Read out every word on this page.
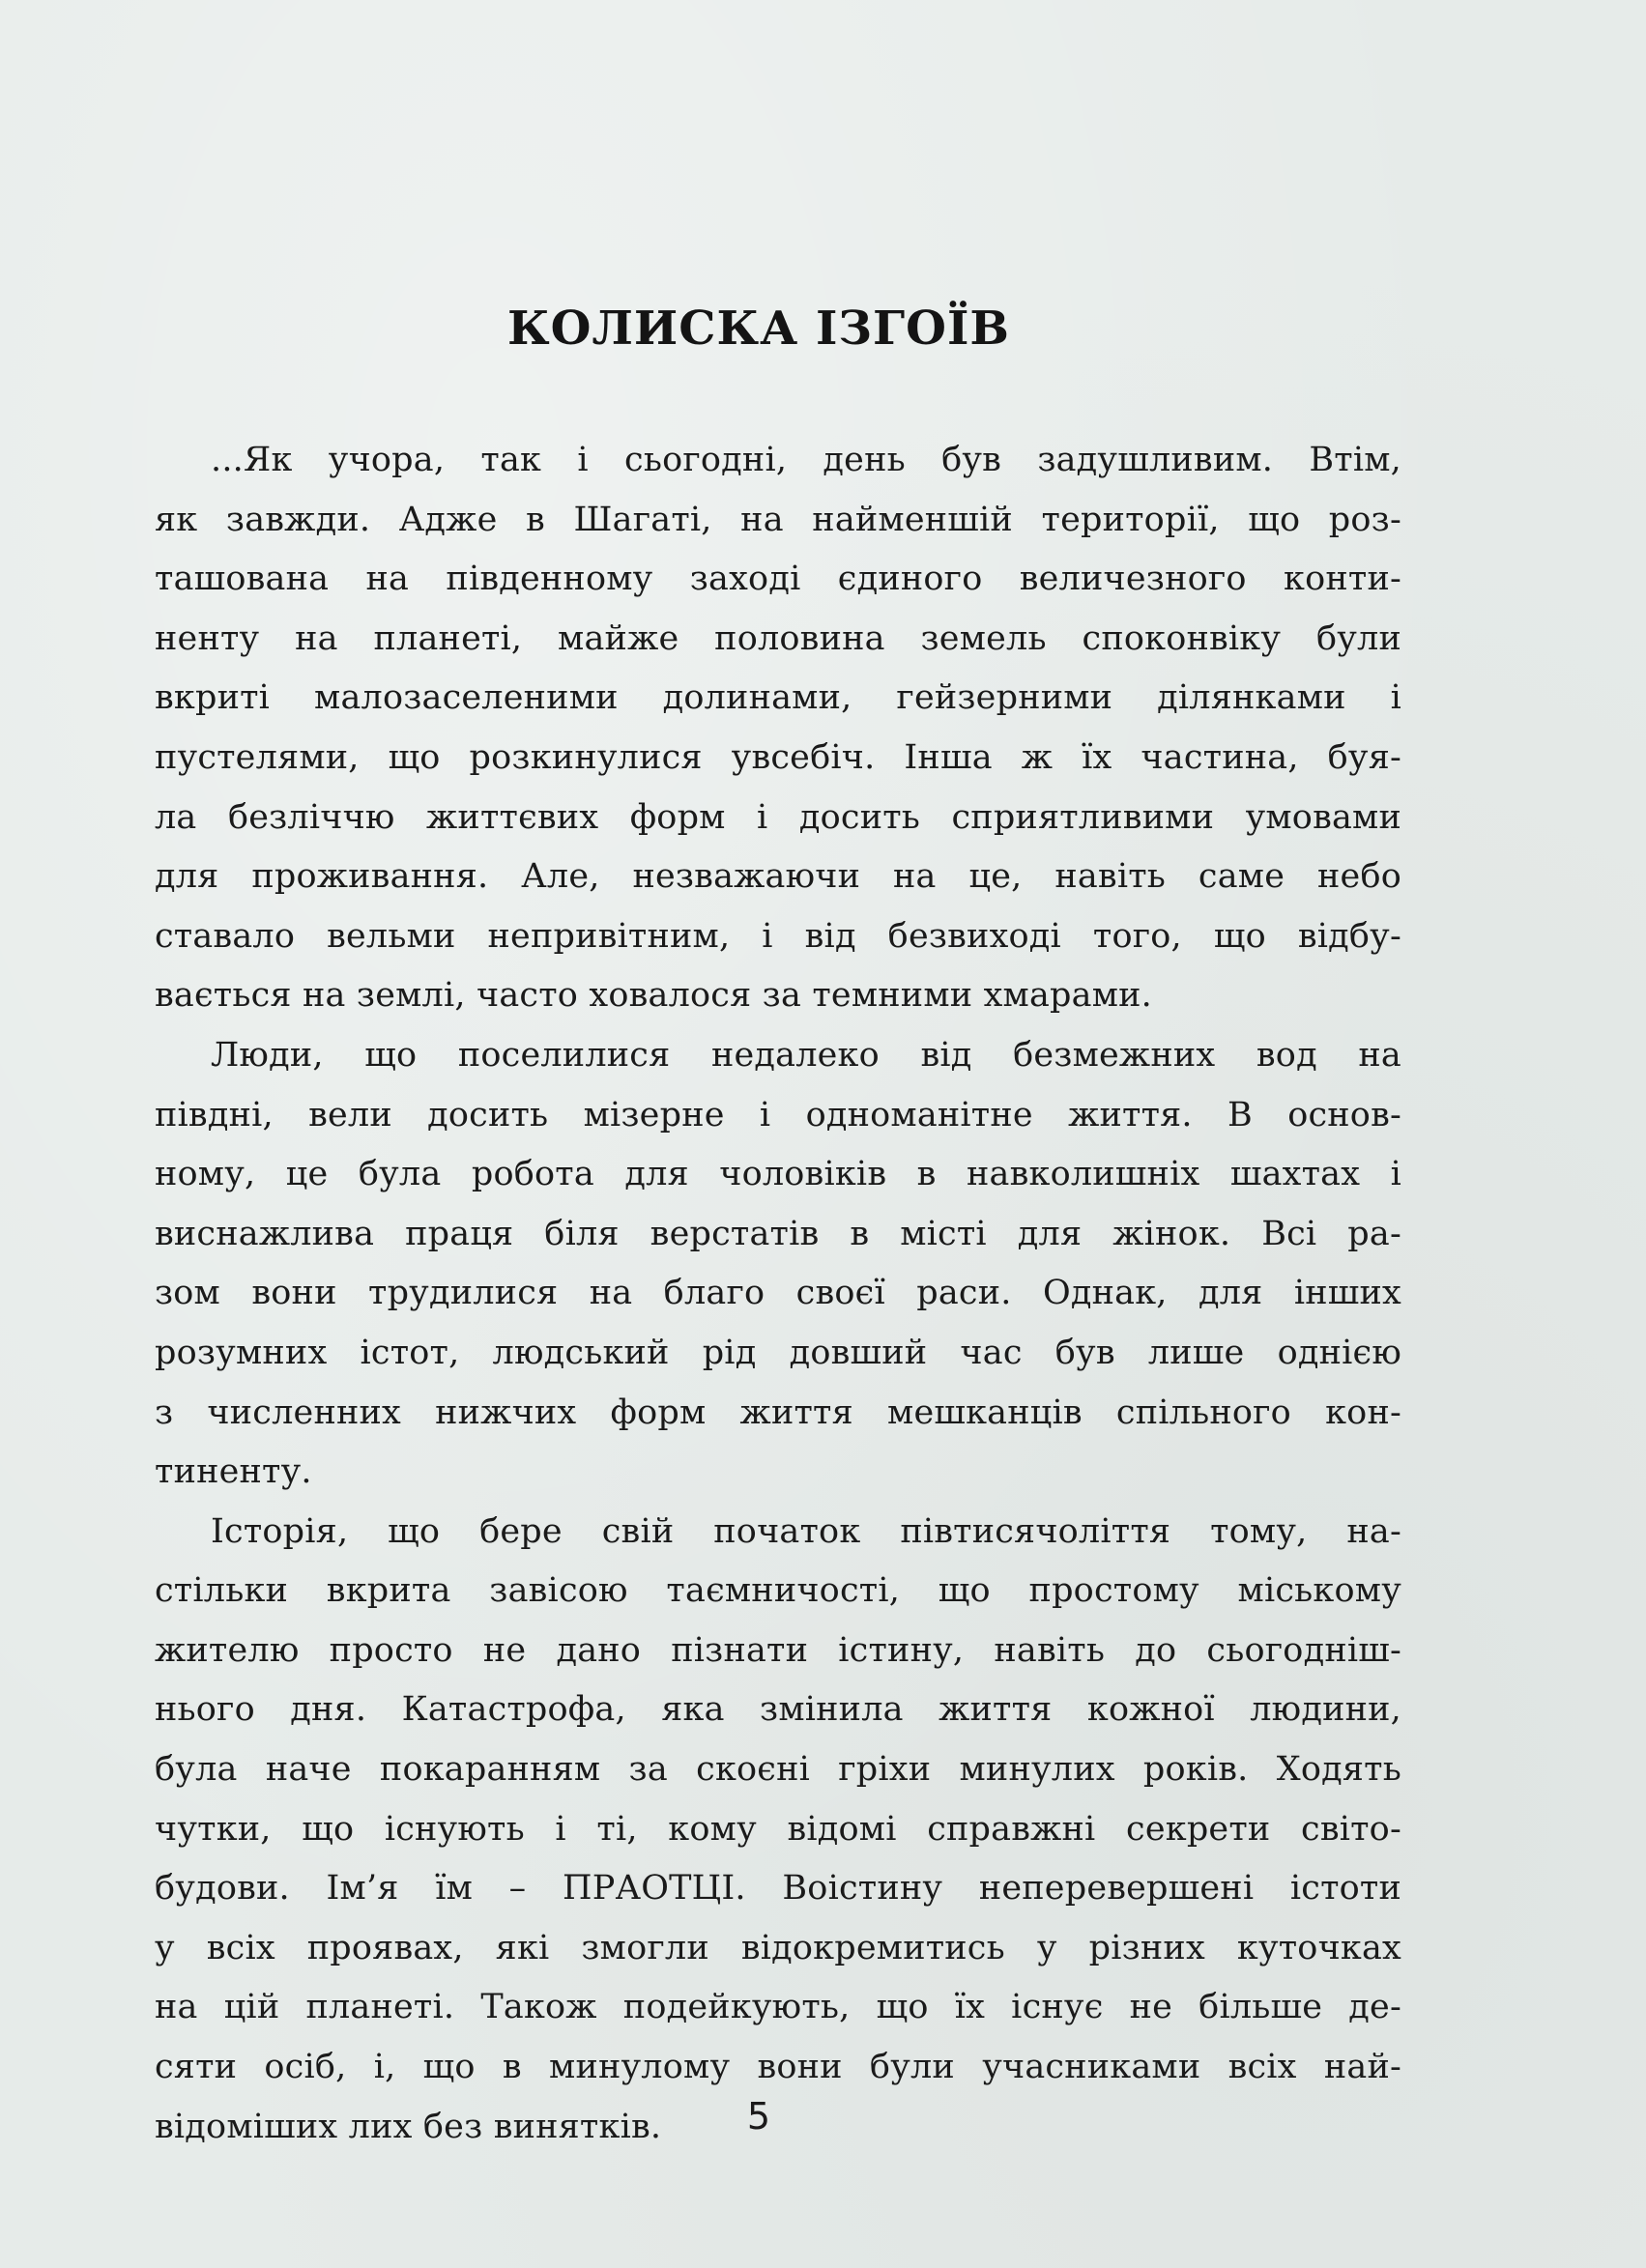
КОЛИСКА ІЗГОЇВ
...Як учора, так і сьогодні, день був задушливим. Втім,
як завжди. Адже в Шагаті, на найменшій території, що роз-
ташована на південному заході єдиного величезного конти-
ненту на планеті, майже половина земель споконвіку були
вкриті малозаселеними долинами, гейзерними ділянками і
пустелями, що розкинулися увсебіч. Інша ж їх частина, буя-
ла безліччю життєвих форм і досить сприятливими умовами
для проживання. Але, незважаючи на це, навіть саме небо
ставало вельми непривітним, і від безвиході того, що відбу-
вається на землі, часто ховалося за темними хмарами.
Люди, що поселилися недалеко від безмежних вод на
півдні, вели досить мізерне і одноманітне життя. В основ-
ному, це була робота для чоловіків в навколишніх шахтах і
виснажлива праця біля верстатів в місті для жінок. Всі ра-
зом вони трудилися на благо своєї раси. Однак, для інших
розумних істот, людський рід довший час був лише однією
з численних нижчих форм життя мешканців спільного кон-
тиненту.
Історія, що бере свій початок півтисячоліття тому, на-
стільки вкрита завісою таємничості, що простому міському
жителю просто не дано пізнати істину, навіть до сьогодніш-
нього дня. Катастрофа, яка змінила життя кожної людини,
була наче покаранням за скоєні гріхи минулих років. Ходять
чутки, що існують і ті, кому відомі справжні секрети світо-
будови. Ім’я їм – ПРАОТЦІ. Воістину неперевершені істоти
у всіх проявах, які змогли відокремитись у різних куточках
на цій планеті. Також подейкують, що їх існує не більше де-
сяти осіб, і, що в минулому вони були учасниками всіх най-
відоміших лих без винятків.	5
